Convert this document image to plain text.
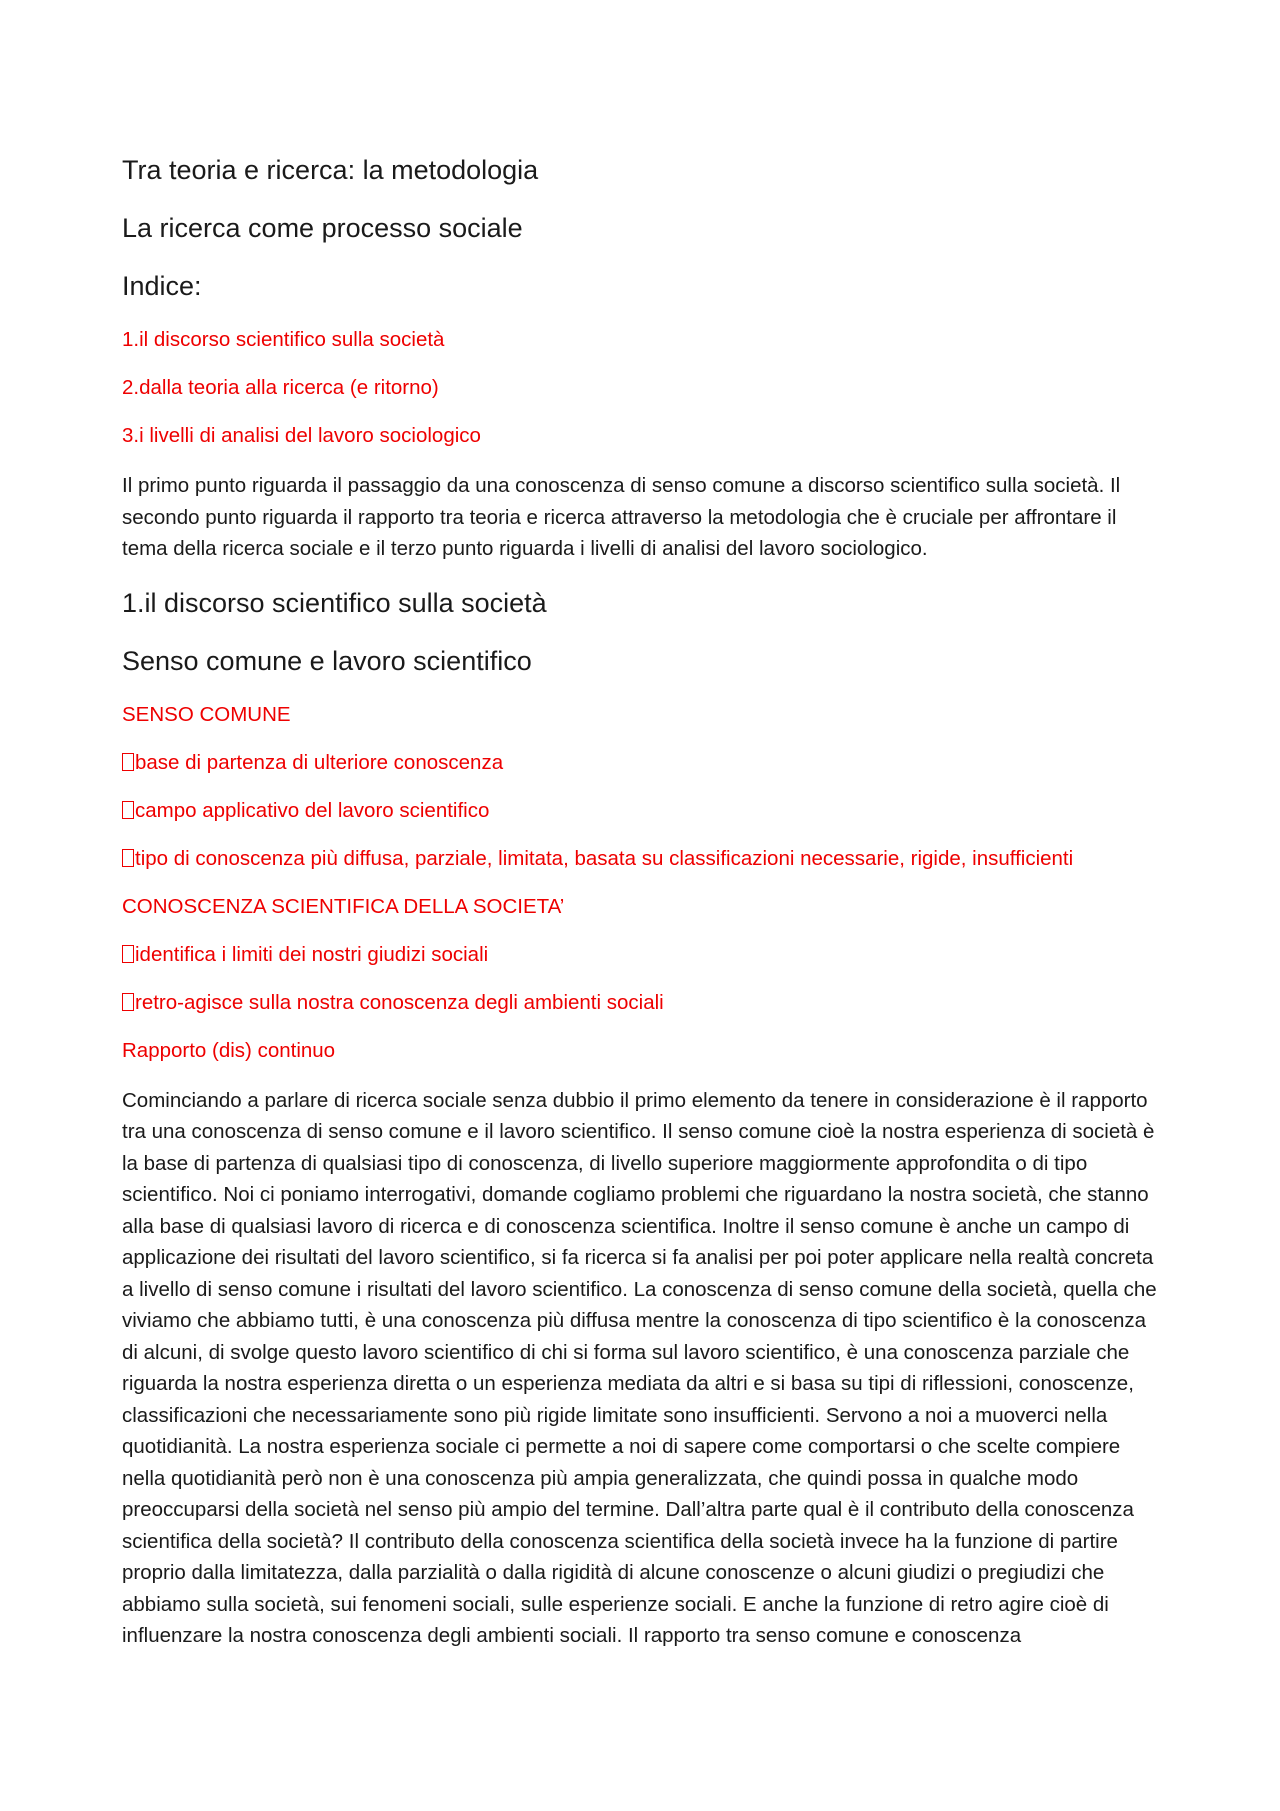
Tra teoria e ricerca: la metodologia
La ricerca come processo sociale
Indice:
1.il discorso scientifico sulla società
2.dalla teoria alla ricerca (e ritorno)
3.i livelli di analisi del lavoro sociologico
Il primo punto riguarda il passaggio da una conoscenza di senso comune a discorso scientifico sulla società. Il secondo punto riguarda il rapporto tra teoria e ricerca attraverso la metodologia che è cruciale per affrontare il tema della ricerca sociale e il terzo punto riguarda i livelli di analisi del lavoro sociologico.
1.il discorso scientifico sulla società
Senso comune e lavoro scientifico
SENSO COMUNE
base di partenza di ulteriore conoscenza
campo applicativo del lavoro scientifico
tipo di conoscenza più diffusa, parziale, limitata, basata su classificazioni necessarie, rigide, insufficienti
CONOSCENZA SCIENTIFICA DELLA SOCIETA’
identifica i limiti dei nostri giudizi sociali
retro-agisce sulla nostra conoscenza degli ambienti sociali
Rapporto (dis) continuo
Cominciando a parlare di ricerca sociale senza dubbio il primo elemento da tenere in considerazione è il rapporto tra una conoscenza di senso comune e il lavoro scientifico. Il senso comune cioè la nostra esperienza di società è la base di partenza di qualsiasi tipo di conoscenza, di livello superiore maggiormente approfondita o di tipo scientifico. Noi ci poniamo interrogativi, domande cogliamo problemi che riguardano la nostra società, che stanno alla base di qualsiasi lavoro di ricerca e di conoscenza scientifica. Inoltre il senso comune è anche un campo di applicazione dei risultati del lavoro scientifico, si fa ricerca si fa analisi per poi poter applicare nella realtà concreta a livello di senso comune i risultati del lavoro scientifico. La conoscenza di senso comune della società, quella che viviamo che abbiamo tutti, è una conoscenza più diffusa mentre la conoscenza di tipo scientifico è la conoscenza di alcuni, di svolge questo lavoro scientifico di chi si forma sul lavoro scientifico, è una conoscenza parziale che riguarda la nostra esperienza diretta o un esperienza mediata da altri e si basa su tipi di riflessioni, conoscenze, classificazioni che necessariamente sono più rigide limitate sono insufficienti. Servono a noi a muoverci nella quotidianità. La nostra esperienza sociale ci permette a noi di sapere come comportarsi o che scelte compiere nella quotidianità però non è una conoscenza più ampia generalizzata, che quindi possa in qualche modo preoccuparsi della società nel senso più ampio del termine. Dall’altra parte qual è il contributo della conoscenza scientifica della società? Il contributo della conoscenza scientifica della società invece ha la funzione di partire proprio dalla limitatezza, dalla parzialità o dalla rigidità di alcune conoscenze o alcuni giudizi o pregiudizi che abbiamo sulla società, sui fenomeni sociali, sulle esperienze sociali. E anche la funzione di retro agire cioè di influenzare la nostra conoscenza degli ambienti sociali. Il rapporto tra senso comune e conoscenza
